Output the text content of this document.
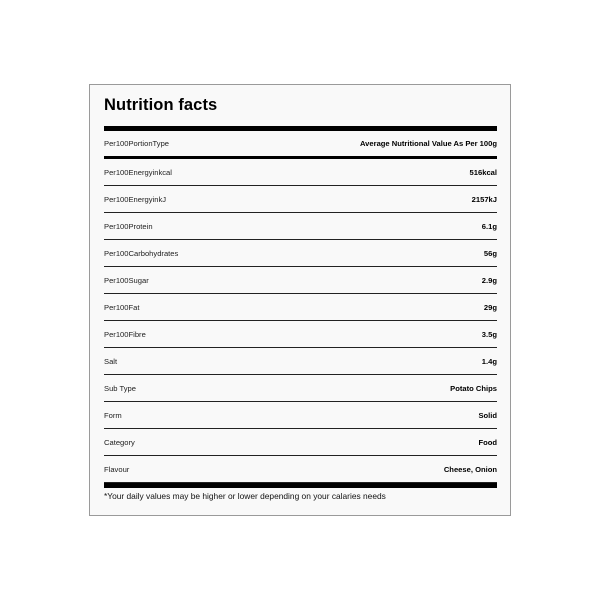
Nutrition facts
Per100PortionType	Average Nutritional Value As Per 100g
Per100Energyinkcal	516kcal
Per100EnergyinkJ	2157kJ
Per100Protein	6.1g
Per100Carbohydrates	56g
Per100Sugar	2.9g
Per100Fat	29g
Per100Fibre	3.5g
Salt	1.4g
Sub Type	Potato Chips
Form	Solid
Category	Food
Flavour	Cheese, Onion
*Your daily values may be higher or lower depending on your calaries needs
